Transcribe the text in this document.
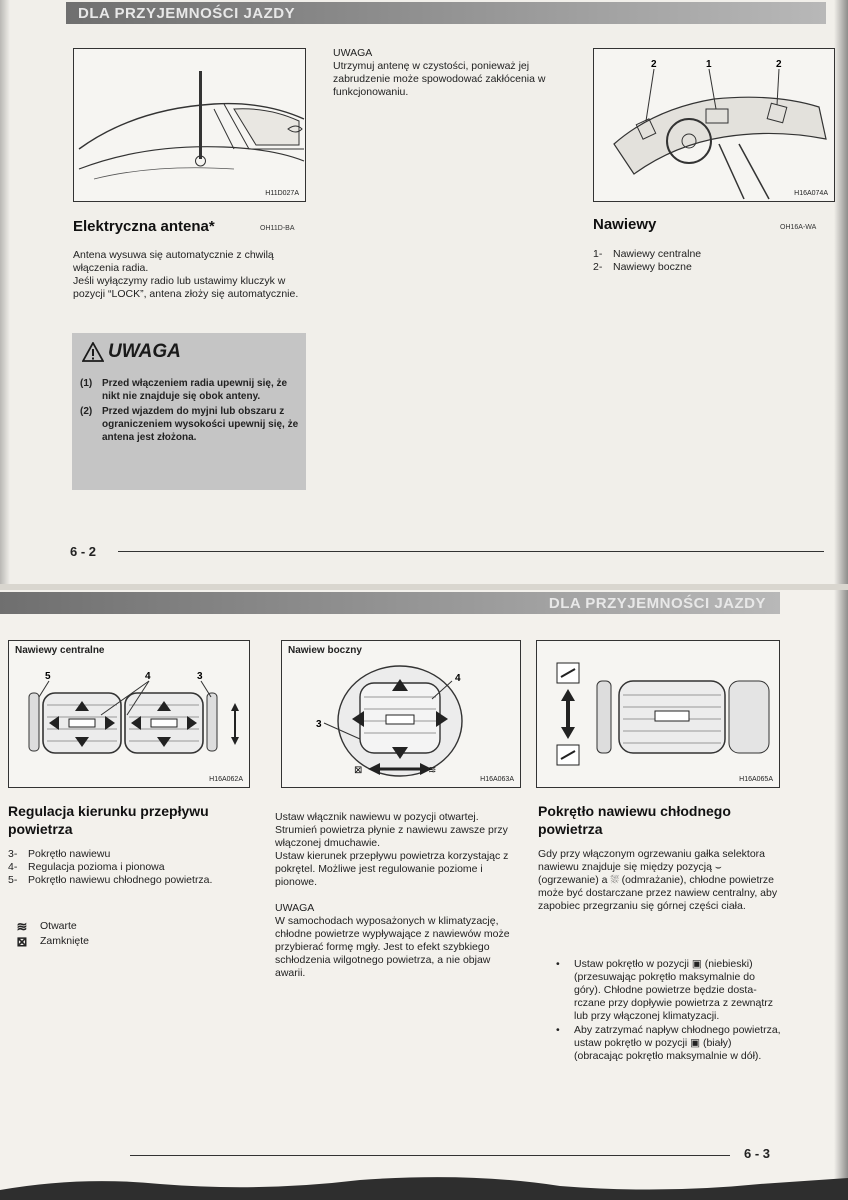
DLA PRZYJEMNOŚCI JAZDY
H11D027A

UWAGA

Utrzymuj antenę w czystości, ponieważ jej zabrudzenie może spowodować zakłócenia w funkcjonowaniu.

2	1	2
H16A074A
Elektryczna antena*	OH11D-BA

Antena wysuwa się automatycznie z chwilą włączenia radia.

Jeśli wyłączymy radio lub ustawimy kluczyk w pozycji “LOCK”, antena złoży się automatycznie.

UWAGA
(1) Przed włączeniem radia upewnij się, że nikt nie znajduje się obok anteny.
(2) Przed wjazdem do myjni lub obszaru z ograniczeniem wysokości upewnij się, że antena jest złożona.
Nawiewy	OH16A-WA
1-	Nawiewy centralne
2-	Nawiewy boczne
6 - 2
DLA PRZYJEMNOŚCI JAZDY
Nawiewy centralne
5	4	3
H16A062A
Nawiew boczny
⊠	≋
4
3
H16A063A	H16A065A
Regulacja kierunku przepływu powietrza
3-	Pokrętło nawiewu
4-	Regulacja pozioma i pionowa
5-	Pokrętło nawiewu chłodnego powietrza.
≋	Otwarte
⊠	Zamknięte

Ustaw włącznik nawiewu w pozycji otwartej.

Strumień powietrza płynie z nawiewu zawsze przy włączonej dmuchawie.

Ustaw kierunek przepływu powietrza korzystając z pokrętel. Możliwe jest regulowanie poziome i pionowe.

UWAGA

W samochodach wyposażonych w klimatyzację, chłodne powietrze wypływające z nawiewów może przybierać formę mgły. Jest to efekt szybkiego schłodzenia wilgotnego powietrza, a nie objaw awarii.

Pokrętło nawiewu chłodnego powietrza
Gdy przy włączonym ogrzewaniu gałka selektora nawiewu znajduje się między pozycją ⌣ (ogrzewanie) a ⛆ (odmrażanie), chłodne powietrze może być dostarczane przez nawiew centralny, aby zapobiec przegrzaniu się górnej części ciała.
•	Ustaw pokrętło w pozycji ▣ (niebieski) (przesuwając pokrętło maksymalnie do góry). Chłodne powietrze będzie dostarczane przy dopływie powietrza z zewnątrz lub przy włączonej klimatyzacji.
•	Aby zatrzymać napływ chłodnego powietrza, ustaw pokrętło w pozycji ▣ (biały) (obracając pokrętło maksymalnie w dół).
6 - 3
